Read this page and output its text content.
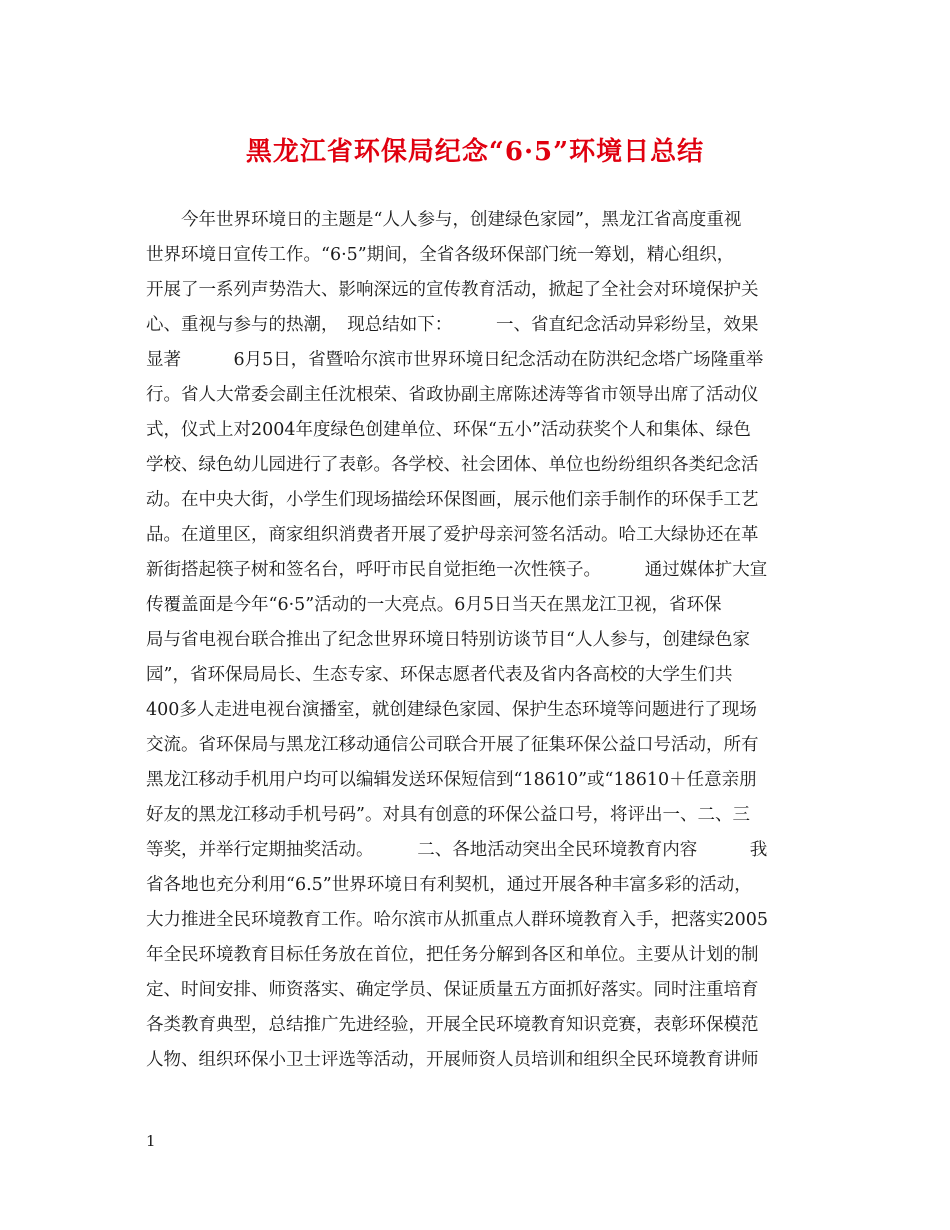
黑龙江省环保局纪念“6·5”环境日总结
　　今年世界环境日的主题是“人人参与，创建绿色家园”，黑龙江省高度重视
世界环境日宣传工作。“6·5”期间，全省各级环保部门统一筹划，精心组织，
开展了一系列声势浩大、影响深远的宣传教育活动，掀起了全社会对环境保护关
心、重视与参与的热潮，　现总结如下：　　　一、省直纪念活动异彩纷呈，效果
显著　　　6月5日，省暨哈尔滨市世界环境日纪念活动在防洪纪念塔广场隆重举
行。省人大常委会副主任沈根荣、省政协副主席陈述涛等省市领导出席了活动仪
式，仪式上对2004年度绿色创建单位、环保“五小”活动获奖个人和集体、绿色
学校、绿色幼儿园进行了表彰。各学校、社会团体、单位也纷纷组织各类纪念活
动。在中央大街，小学生们现场描绘环保图画，展示他们亲手制作的环保手工艺
品。在道里区，商家组织消费者开展了爱护母亲河签名活动。哈工大绿协还在革
新街搭起筷子树和签名台，呼吁市民自觉拒绝一次性筷子。　　　通过媒体扩大宣
传覆盖面是今年“6·5”活动的一大亮点。6月5日当天在黑龙江卫视，省环保
局与省电视台联合推出了纪念世界环境日特别访谈节目“人人参与，创建绿色家
园”，省环保局局长、生态专家、环保志愿者代表及省内各高校的大学生们共
400多人走进电视台演播室，就创建绿色家园、保护生态环境等问题进行了现场
交流。省环保局与黑龙江移动通信公司联合开展了征集环保公益口号活动，所有
黑龙江移动手机用户均可以编辑发送环保短信到“18610”或“18610＋任意亲朋
好友的黑龙江移动手机号码”。对具有创意的环保公益口号，将评出一、二、三
等奖，并举行定期抽奖活动。　　　二、各地活动突出全民环境教育内容　　　我
省各地也充分利用“6.5”世界环境日有利契机，通过开展各种丰富多彩的活动，
大力推进全民环境教育工作。哈尔滨市从抓重点人群环境教育入手，把落实2005
年全民环境教育目标任务放在首位，把任务分解到各区和单位。主要从计划的制
定、时间安排、师资落实、确定学员、保证质量五方面抓好落实。同时注重培育
各类教育典型，总结推广先进经验，开展全民环境教育知识竞赛，表彰环保模范
人物、组织环保小卫士评选等活动，开展师资人员培训和组织全民环境教育讲师
1
